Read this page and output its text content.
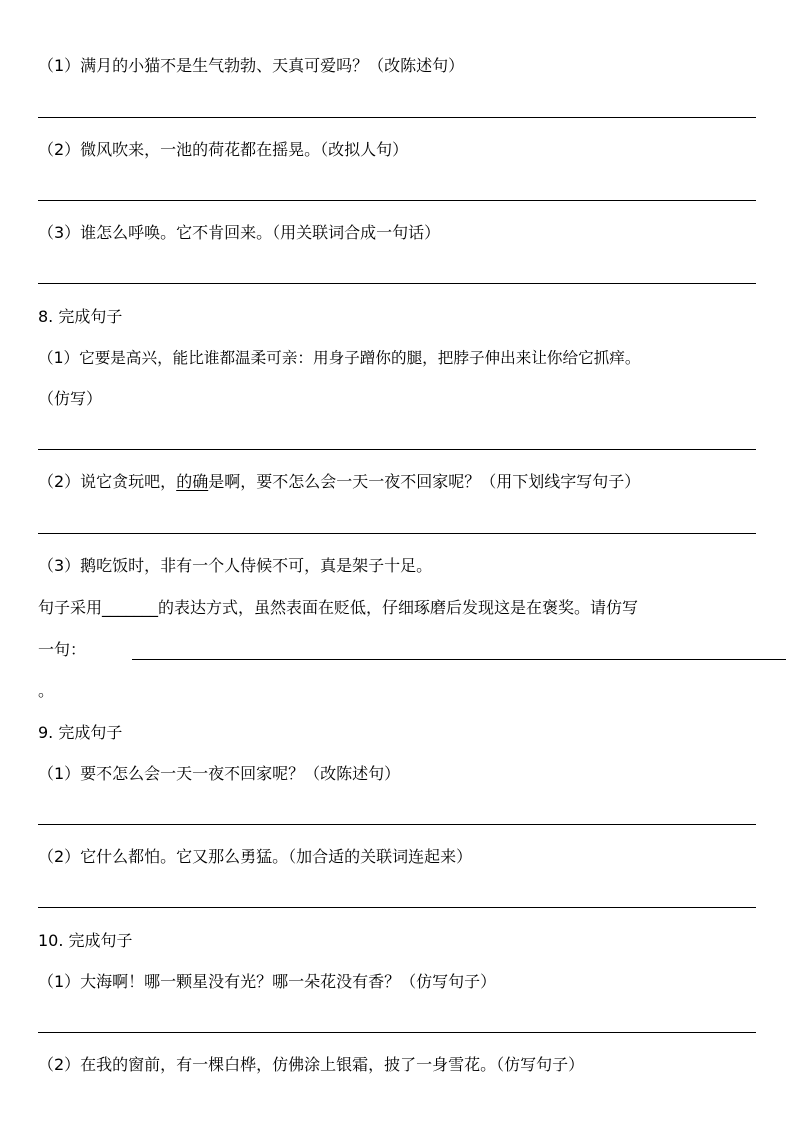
（1）满月的小猫不是生气勃勃、天真可爱吗？（改陈述句）
（2）微风吹来，一池的荷花都在摇晃。（改拟人句）
（3）谁怎么呼唤。它不肯回来。（用关联词合成一句话）
8. 完成句子
（1）它要是高兴，能比谁都温柔可亲：用身子蹭你的腿，把脖子伸出来让你给它抓痒。
（仿写）
（2）说它贪玩吧，的确是啊，要不怎么会一天一夜不回家呢？（用下划线字写句子）
（3）鹅吃饭时，非有一个人侍候不可，真是架子十足。
句子采用_______的表达方式，虽然表面在贬低，仔细琢磨后发现这是在褒奖。请仿写
一句：
。
9. 完成句子
（1）要不怎么会一天一夜不回家呢？（改陈述句）
（2）它什么都怕。它又那么勇猛。（加合适的关联词连起来）
10. 完成句子
（1）大海啊！哪一颗星没有光？哪一朵花没有香？（仿写句子）
（2）在我的窗前，有一棵白桦，仿佛涂上银霜，披了一身雪花。（仿写句子）
